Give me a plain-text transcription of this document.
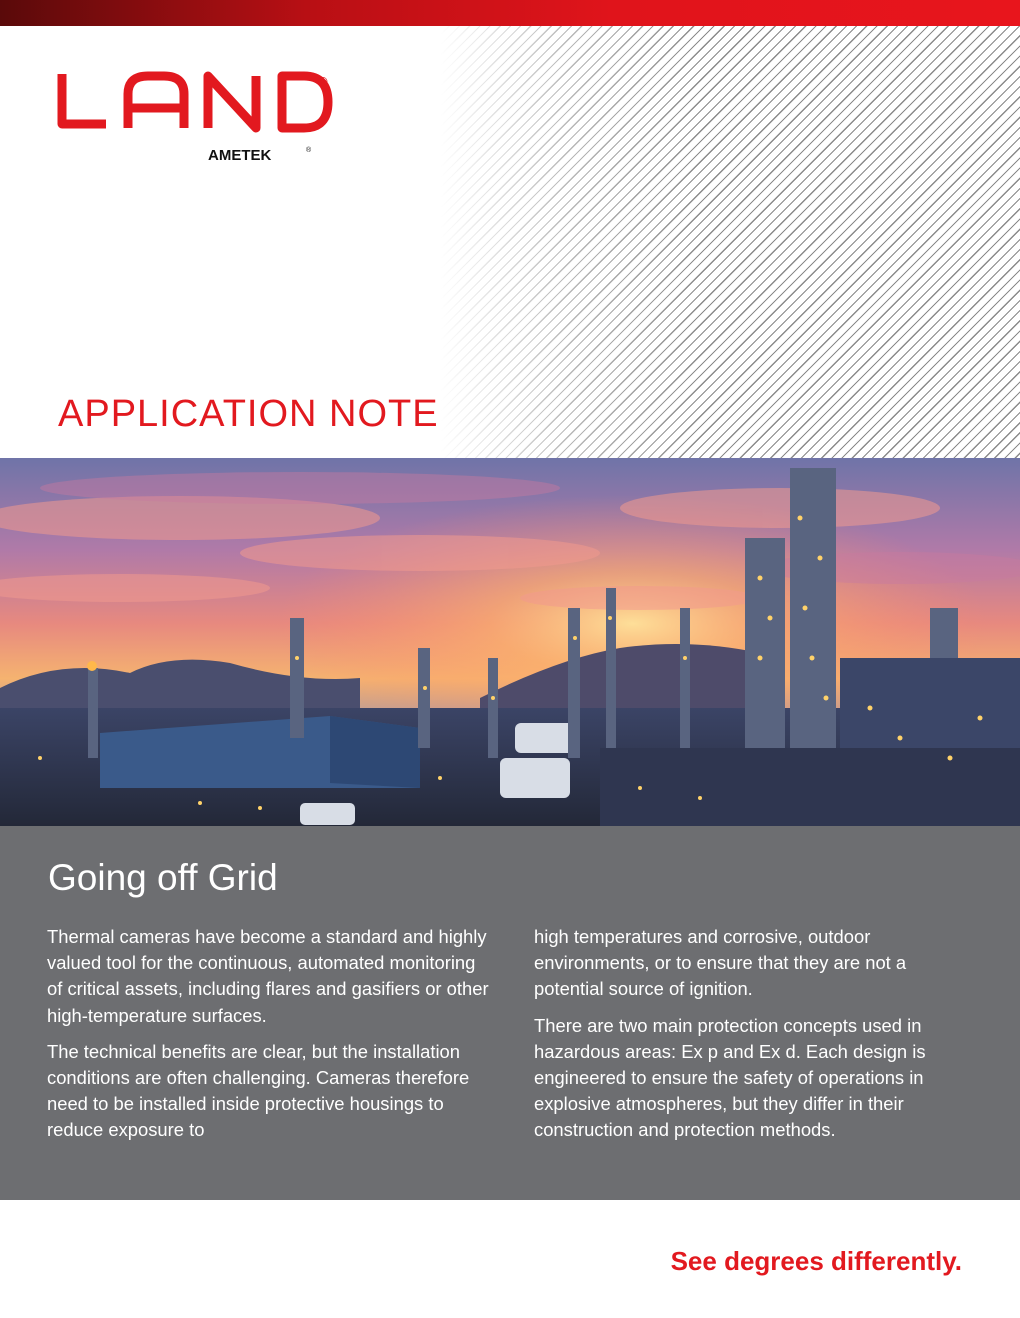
®
AMETEK	®
APPLICATION NOTE
Going off Grid

Thermal cameras have become a standard and highly valued tool for the continuous, automated monitoring of critical assets, including flares and gasifiers or other high-temperature surfaces.

The technical benefits are clear, but the installation conditions are often challenging. Cameras therefore need to be installed inside protective housings to reduce exposure to

high temperatures and corrosive, outdoor environments, or to ensure that they are not a potential source of ignition.

There are two main protection concepts used in hazardous areas: Ex p and Ex d. Each design is engineered to ensure the safety of operations in explosive atmospheres, but they differ in their construction and protection methods.

See degrees differently.
